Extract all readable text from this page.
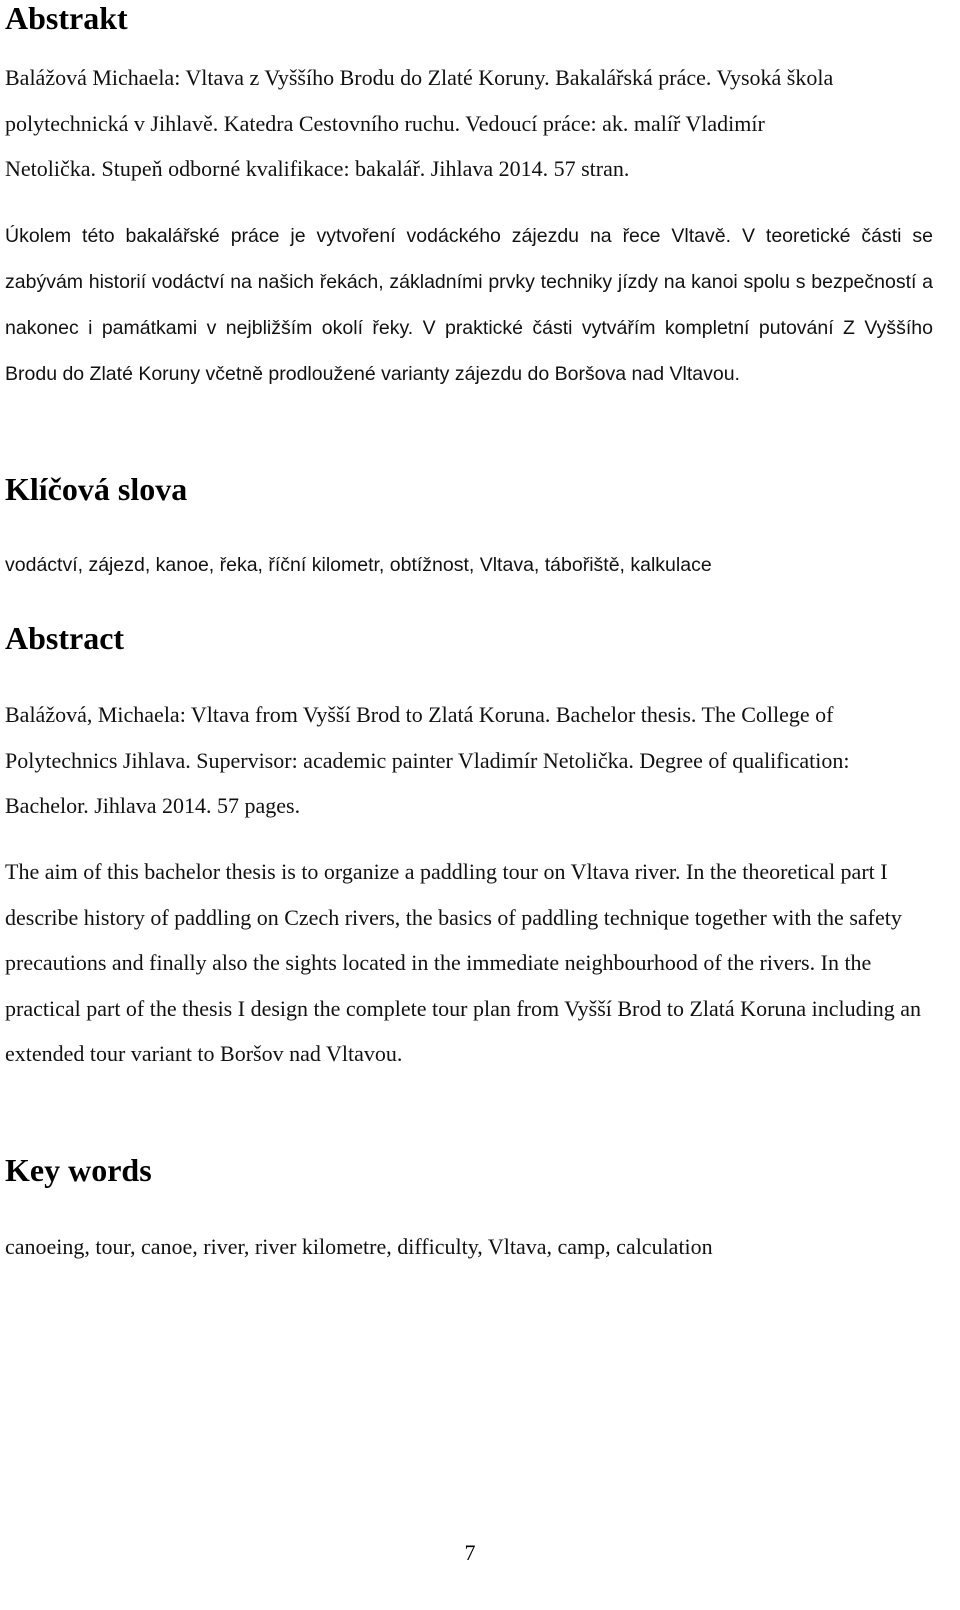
Abstrakt

Balážová Michaela: Vltava z Vyššího Brodu do Zlaté Koruny. Bakalářská práce. Vysoká škola polytechnická v Jihlavě. Katedra Cestovního ruchu. Vedoucí práce: ak. malíř Vladimír Netolička. Stupeň odborné kvalifikace: bakalář. Jihlava 2014. 57 stran.

Úkolem této bakalářské práce je vytvoření vodáckého zájezdu na řece Vltavě. V teoretické části se zabývám historií vodáctví na našich řekách, základními prvky techniky jízdy na kanoi spolu s bezpečností a nakonec i památkami v nejbližším okolí řeky. V praktické části vytvářím kompletní putování Z Vyššího Brodu do Zlaté Koruny včetně prodloužené varianty zájezdu do Boršova nad Vltavou.

Klíčová slova

vodáctví, zájezd, kanoe, řeka, říční kilometr, obtížnost, Vltava, tábořiště, kalkulace

Abstract

Balážová, Michaela: Vltava from Vyšší Brod to Zlatá Koruna. Bachelor thesis. The College of Polytechnics Jihlava. Supervisor: academic painter Vladimír Netolička. Degree of qualification: Bachelor. Jihlava 2014. 57 pages.

The aim of this bachelor thesis is to organize a paddling tour on Vltava river. In the theoretical part I describe history of paddling on Czech rivers, the basics of paddling technique together with the safety precautions and finally also the sights located in the immediate neighbourhood of the rivers. In the practical part of the thesis I design the complete tour plan from Vyšší Brod to Zlatá Koruna including an extended tour variant to Boršov nad Vltavou.

Key words

canoeing, tour, canoe, river, river kilometre, difficulty, Vltava, camp, calculation

7
